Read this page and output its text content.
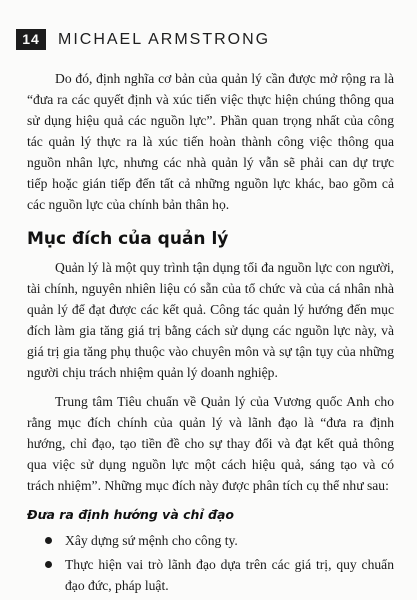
14	MICHAEL ARMSTRONG

Do đó, định nghĩa cơ bản của quản lý cần được mở rộng ra là “đưa ra các quyết định và xúc tiến việc thực hiện chúng thông qua sử dụng hiệu quả các nguồn lực”. Phần quan trọng nhất của công tác quản lý thực ra là xúc tiến hoàn thành công việc thông qua nguồn nhân lực, nhưng các nhà quản lý vẫn sẽ phải can dự trực tiếp hoặc gián tiếp đến tất cả những nguồn lực khác, bao gồm cả các nguồn lực của chính bản thân họ.

Mục đích của quản lý

Quản lý là một quy trình tận dụng tối đa nguồn lực con người, tài chính, nguyên nhiên liệu có sẵn của tổ chức và của cá nhân nhà quản lý để đạt được các kết quả. Công tác quản lý hướng đến mục đích làm gia tăng giá trị bằng cách sử dụng các nguồn lực này, và giá trị gia tăng phụ thuộc vào chuyên môn và sự tận tụy của những người chịu trách nhiệm quản lý doanh nghiệp.

Trung tâm Tiêu chuẩn về Quản lý của Vương quốc Anh cho rằng mục đích chính của quản lý và lãnh đạo là “đưa ra định hướng, chỉ đạo, tạo tiền đề cho sự thay đổi và đạt kết quả thông qua việc sử dụng nguồn lực một cách hiệu quả, sáng tạo và có trách nhiệm”. Những mục đích này được phân tích cụ thể như sau:

Đưa ra định hướng và chỉ đạo
Xây dựng sứ mệnh cho công ty.
Thực hiện vai trò lãnh đạo dựa trên các giá trị, quy chuẩn đạo đức, pháp luật.
